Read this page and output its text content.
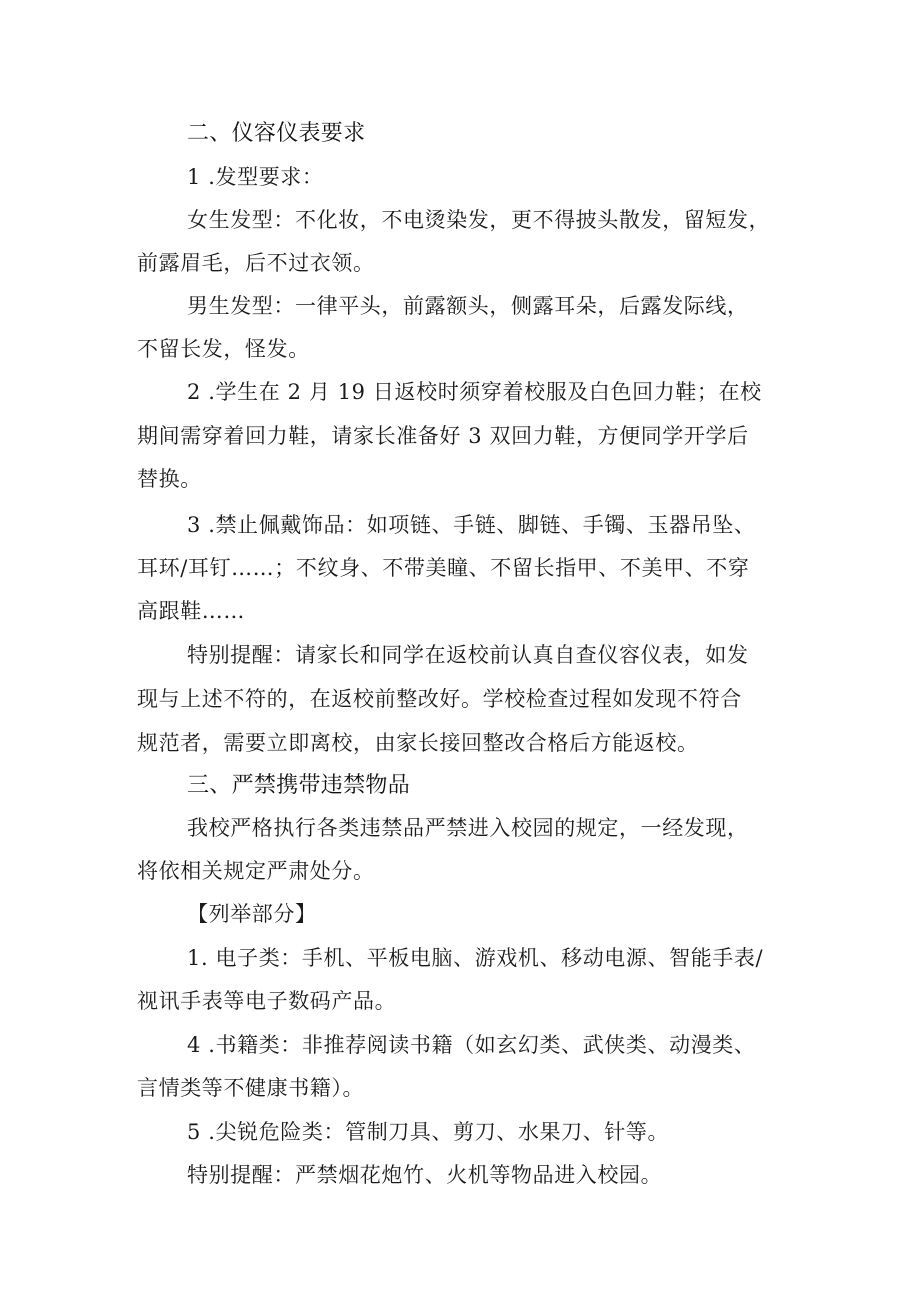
二、仪容仪表要求
1 .发型要求：
女生发型：不化妆，不电烫染发，更不得披头散发，留短发，
前露眉毛，后不过衣领。
男生发型：一律平头，前露额头，侧露耳朵，后露发际线，
不留长发，怪发。
2 .学生在 2 月 19 日返校时须穿着校服及白色回力鞋；在校
期间需穿着回力鞋，请家长准备好 3 双回力鞋，方便同学开学后
替换。
3 .禁止佩戴饰品：如项链、手链、脚链、手镯、玉器吊坠、
耳环/耳钉……；不纹身、不带美瞳、不留长指甲、不美甲、不穿
高跟鞋……
特别提醒：请家长和同学在返校前认真自查仪容仪表，如发
现与上述不符的，在返校前整改好。学校检查过程如发现不符合
规范者，需要立即离校，由家长接回整改合格后方能返校。
三、严禁携带违禁物品
我校严格执行各类违禁品严禁进入校园的规定，一经发现，
将依相关规定严肃处分。
【列举部分】
1. 电子类：手机、平板电脑、游戏机、移动电源、智能手表/
视讯手表等电子数码产品。
4 .书籍类：非推荐阅读书籍（如玄幻类、武侠类、动漫类、
言情类等不健康书籍）。
5 .尖锐危险类：管制刀具、剪刀、水果刀、针等。
特别提醒：严禁烟花炮竹、火机等物品进入校园。
